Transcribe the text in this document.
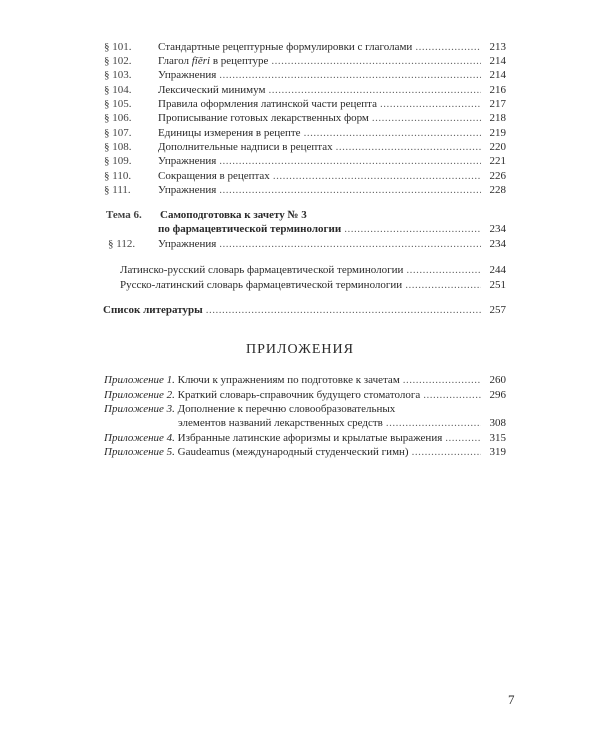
§ 101.	Стандартные рецептурные формулировки с глаголами .....	213
§ 102.	Глагол fĭĕri в рецептуре .....	214
§ 103.	Упражнения .....	214
§ 104.	Лексический минимум .....	216
§ 105.	Правила оформления латинской части рецепта .....	217
§ 106.	Прописывание готовых лекарственных форм .....	218
§ 107.	Единицы измерения в рецепте .....	219
§ 108.	Дополнительные надписи в рецептах .....	220
§ 109.	Упражнения .....	221
§ 110.	Сокращения в рецептах .....	226
§ 111.	Упражнения .....	228
Тема 6.	Самоподготовка к зачету № 3
по фармацевтической терминологии .....	234
§ 112.	Упражнения .....	234
Латинско-русский словарь фармацевтической терминологии .....	244
Русско-латинский словарь фармацевтической терминологии .....	251
Список литературы .....	257
ПРИЛОЖЕНИЯ
Приложение 1. Ключи к упражнениям по подготовке к зачетам .....	260
Приложение 2. Краткий словарь-справочник будущего стоматолога .....	296
Приложение 3. Дополнение к перечню словообразовательных
элементов названий лекарственных средств .....	308
Приложение 4. Избранные латинские афоризмы и крылатые выражения .....	315
Приложение 5. Gaudeamus (международный студенческий гимн) .....	319
7
